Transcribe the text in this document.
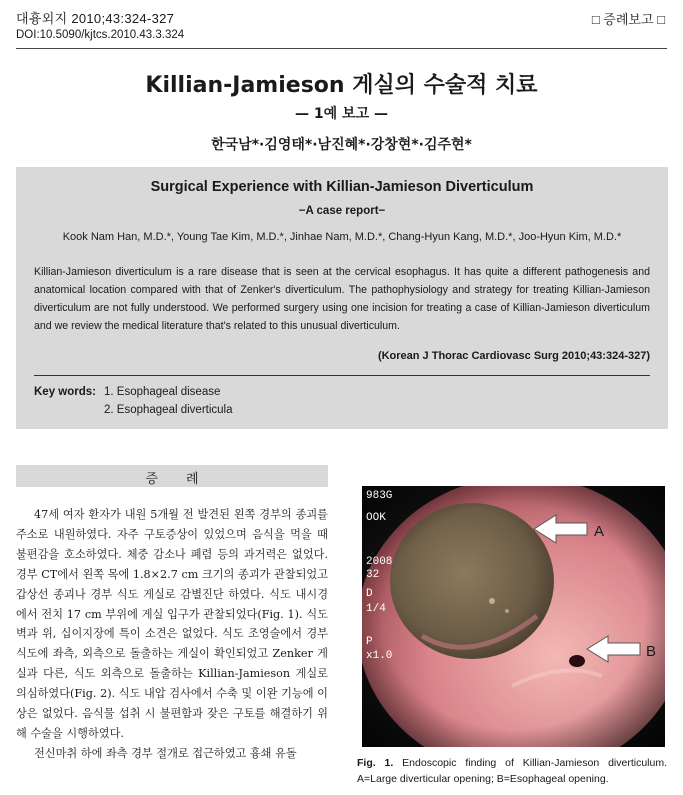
대흉외지 2010;43:324-327
DOI:10.5090/kjtcs.2010.43.3.324
□ 증례보고 □
Killian-Jamieson 게실의 수술적 치료
— 1예 보고 —
한국남*·김영태*·남진혜*·강창현*·김주현*
Surgical Experience with Killian-Jamieson Diverticulum
−A case report−
Kook Nam Han, M.D.*, Young Tae Kim, M.D.*, Jinhae Nam, M.D.*, Chang-Hyun Kang, M.D.*, Joo-Hyun Kim, M.D.*
Killian-Jamieson diverticulum is a rare disease that is seen at the cervical esophagus. It has quite a different pathogenesis and anatomical location compared with that of Zenker's diverticulum. The pathophysiology and strategy for treating Killian-Jamieson diverticulum are not fully understood. We performed surgery using one incision for treating a case of Killian-Jamieson diverticulum and we review the medical literature that's related to this unusual diverticulum.
(Korean J Thorac Cardiovasc Surg 2010;43:324-327)
Key words: 1. Esophageal disease
2. Esophageal diverticula
증례

47세 여자 환자가 내원 5개월 전 발견된 왼쪽 경부의 종괴를 주소로 내원하였다. 자주 구토증상이 있었으며 음식을 먹을 때 불편감을 호소하였다. 체중 감소나 폐렴 등의 과거력은 없었다. 경부 CT에서 왼쪽 목에 1.8×2.7 cm 크기의 종괴가 관찰되었고 갑상선 종괴나 경부 식도 게실로 감별진단 하였다. 식도 내시경에서 전치 17 cm 부위에 게실 입구가 관찰되었다(Fig. 1). 식도 벽과 위, 십이지장에 특이 소견은 없었다. 식도 조영술에서 경부식도에 좌측, 외측으로 돌출하는 게실이 확인되었고 Zenker 게실과 다른, 식도 외측으로 돌출하는 Killian-Jamieson 게실로 의심하였다(Fig. 2). 식도 내압 검사에서 수축 및 이완 기능에 이상은 없었다. 음식물 섭취 시 불편함과 잦은 구토를 해결하기 위해 수술을 시행하였다.

전신마취 하에 좌측 경부 절개로 접근하였고 흉쇄 유돌

983G
OOK
2008
32
D
1/4
P
x1.0
A
B
Fig. 1. Endoscopic finding of Killian-Jamieson diverticulum. A=Large diverticular opening; B=Esophageal opening.
